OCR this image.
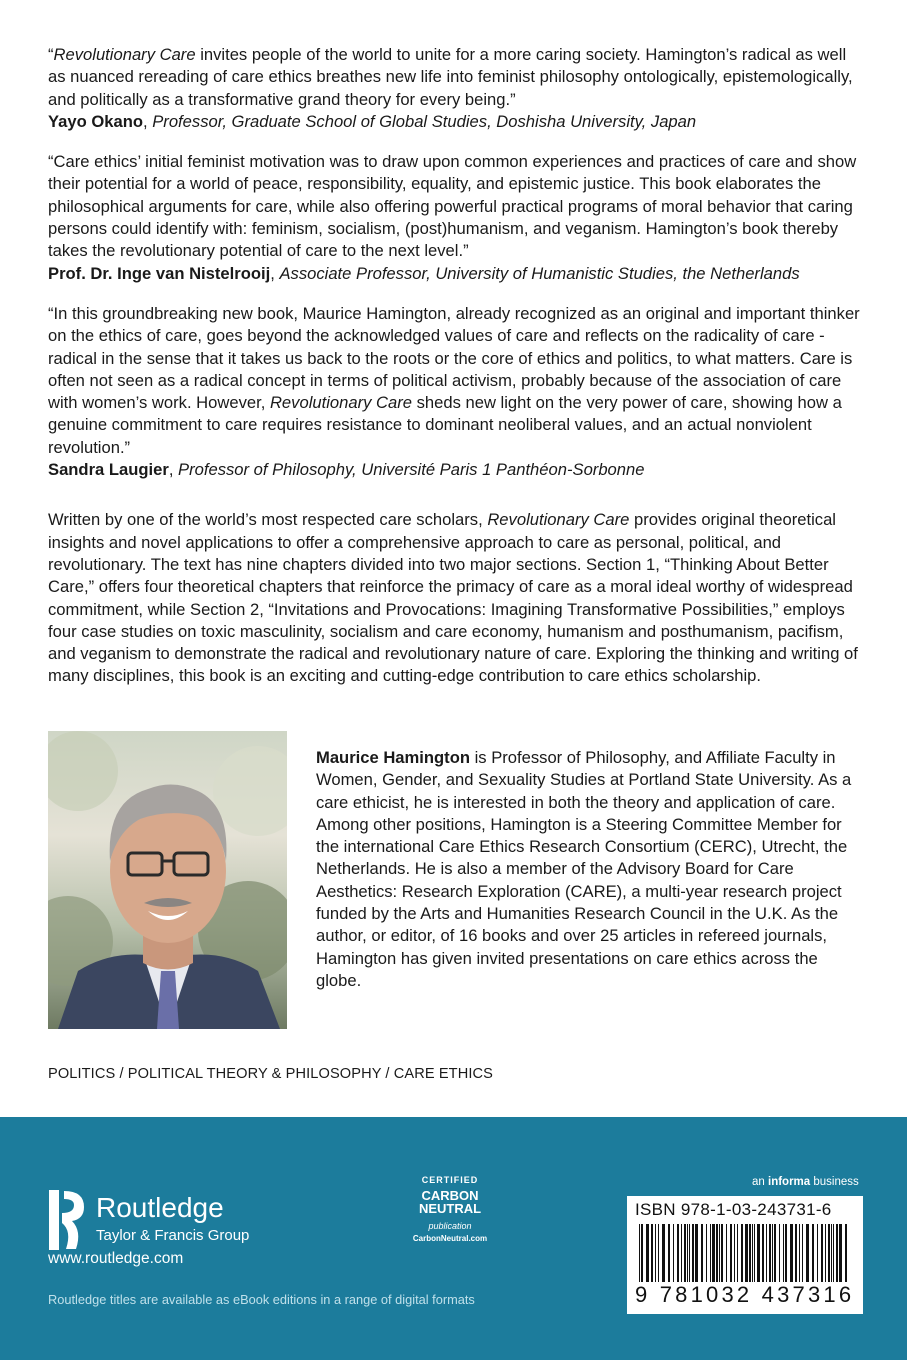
“Revolutionary Care invites people of the world to unite for a more caring society. Hamington’s radical as well as nuanced rereading of care ethics breathes new life into feminist philosophy ontologically, epistemologically, and politically as a transformative grand theory for every being.”

Yayo Okano, Professor, Graduate School of Global Studies, Doshisha University, Japan

“Care ethics’ initial feminist motivation was to draw upon common experiences and practices of care and show their potential for a world of peace, responsibility, equality, and epistemic justice. This book elaborates the philosophical arguments for care, while also offering powerful practical programs of moral behavior that caring persons could identify with: feminism, socialism, (post)humanism, and veganism. Hamington’s book thereby takes the revolutionary potential of care to the next level.”

Prof. Dr. Inge van Nistelrooij, Associate Professor, University of Humanistic Studies, the Netherlands

“In this groundbreaking new book, Maurice Hamington, already recognized as an original and important thinker on the ethics of care, goes beyond the acknowledged values of care and reflects on the radicality of care - radical in the sense that it takes us back to the roots or the core of ethics and politics, to what matters. Care is often not seen as a radical concept in terms of political activism, probably because of the association of care with women’s work. However, Revolutionary Care sheds new light on the very power of care, showing how a genuine commitment to care requires resistance to dominant neoliberal values, and an actual nonviolent revolution.”

Sandra Laugier, Professor of Philosophy, Université Paris 1 Panthéon-Sorbonne

Written by one of the world’s most respected care scholars, Revolutionary Care provides original theoretical insights and novel applications to offer a comprehensive approach to care as personal, political, and revolutionary. The text has nine chapters divided into two major sections. Section 1, “Thinking About Better Care,” offers four theoretical chapters that reinforce the primacy of care as a moral ideal worthy of widespread commitment, while Section 2, “Invitations and Provocations: Imagining Transformative Possibilities,” employs four case studies on toxic masculinity, socialism and care economy, humanism and posthumanism, pacifism, and veganism to demonstrate the radical and revolutionary nature of care. Exploring the thinking and writing of many disciplines, this book is an exciting and cutting-edge contribution to care ethics scholarship.

Maurice Hamington is Professor of Philosophy, and Affiliate Faculty in Women, Gender, and Sexuality Studies at Portland State University. As a care ethicist, he is interested in both the theory and application of care. Among other positions, Hamington is a Steering Committee Member for the international Care Ethics Research Consortium (CERC), Utrecht, the Netherlands. He is also a member of the Advisory Board for Care Aesthetics: Research Exploration (CARE), a multi-year research project funded by the Arts and Humanities Research Council in the U.K. As the author, or editor, of 16 books and over 25 articles in refereed journals, Hamington has given invited presentations on care ethics across the globe.
POLITICS / POLITICAL THEORY & PHILOSOPHY / CARE ETHICS
Routledge
Taylor & Francis Group
www.routledge.com
Routledge titles are available as eBook editions in a range of digital formats
CERTIFIED
CARBON
NEUTRAL
publication
CarbonNeutral.com
an informa business
ISBN 978-1-03-243731-6
9 781032 437316
